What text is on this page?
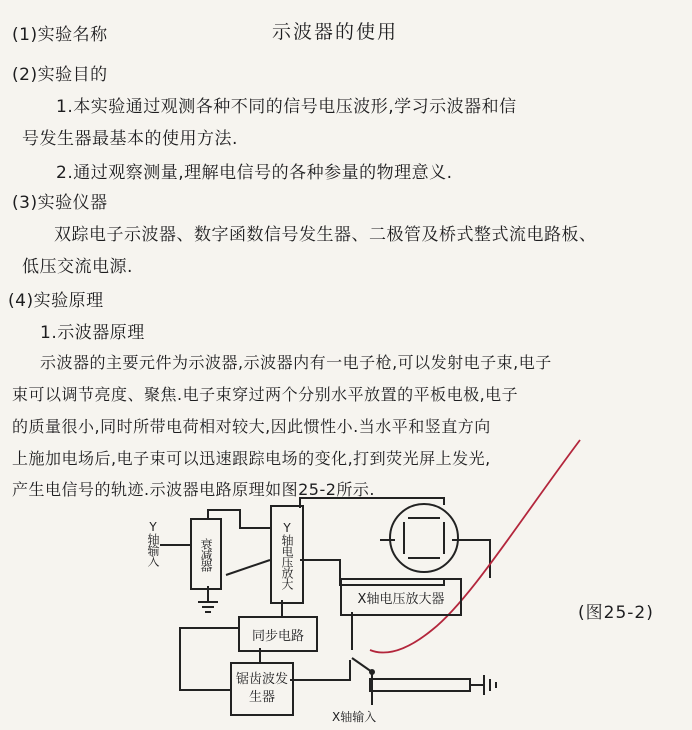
(1)实验名称	示波器的使用
(2)实验目的
1.本实验通过观测各种不同的信号电压波形,学习示波器和信
号发生器最基本的使用方法.
2.通过观察测量,理解电信号的各种参量的物理意义.
(3)实验仪器
双踪电子示波器、数字函数信号发生器、二极管及桥式整式流电路板、
低压交流电源.
(4)实验原理
1.示波器原理
示波器的主要元件为示波器,示波器内有一电子枪,可以发射电子束,电子
束可以调节亮度、聚焦.电子束穿过两个分别水平放置的平板电极,电子
的质量很小,同时所带电荷相对较大,因此惯性小.当水平和竖直方向
上施加电场后,电子束可以迅速跟踪电场的变化,打到荧光屏上发光,
产生电信号的轨迹.示波器电路原理如图25-2所示.
Y轴输入	衰减器	Y轴电压放大
X轴电压放大器
同步电路
锯齿波发生器
X轴输入
(图25-2)
